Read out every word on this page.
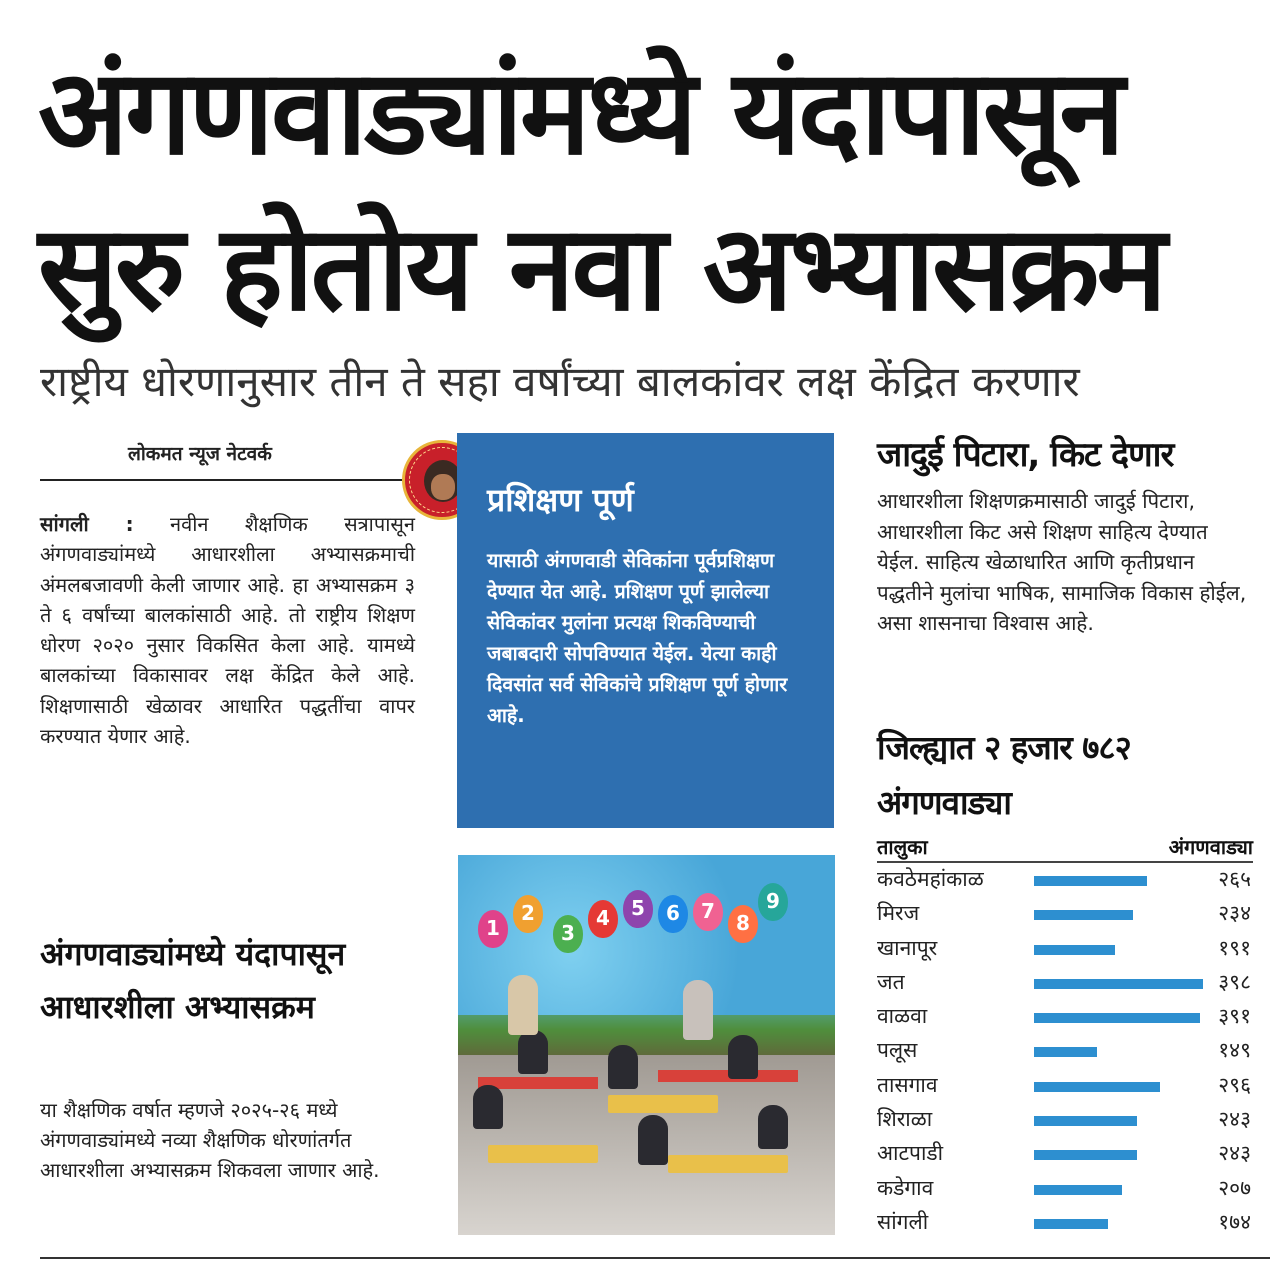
अंगणवाड्यांमध्ये यंदापासून
सुरु होतोय नवा अभ्यासक्रम
राष्ट्रीय धोरणानुसार तीन ते सहा वर्षांच्या बालकांवर लक्ष केंद्रित करणार
लोकमत न्यूज नेटवर्क
सांगली : नवीन शैक्षणिक सत्रापासून अंगणवाड्यांमध्ये आधारशीला अभ्यासक्रमाची अंमलबजावणी केली जाणार आहे. हा अभ्यासक्रम ३ ते ६ वर्षांच्या बालकांसाठी आहे. तो राष्ट्रीय शिक्षण धोरण २०२० नुसार विकसित केला आहे. यामध्ये बालकांच्या विकासावर लक्ष केंद्रित केले आहे. शिक्षणासाठी खेळावर आधारित पद्धतींचा वापर करण्यात येणार आहे.
अंगणवाड्यांमध्ये यंदापासून आधारशीला अभ्यासक्रम
या शैक्षणिक वर्षात म्हणजे २०२५-२६ मध्ये अंगणवाड्यांमध्ये नव्या शैक्षणिक धोरणांतर्गत आधारशीला अभ्यासक्रम शिकवला जाणार आहे.
प्रशिक्षण पूर्ण
यासाठी अंगणवाडी सेविकांना पूर्वप्रशिक्षण देण्यात येत आहे. प्रशिक्षण पूर्ण झालेल्या सेविकांवर मुलांना प्रत्यक्ष शिकविण्याची जबाबदारी सोपविण्यात येईल. येत्या काही दिवसांत सर्व सेविकांचे प्रशिक्षण पूर्ण होणार आहे.
1
2
3
4	5	6	7	8
9
जादुई पिटारा, किट देणार
आधारशीला शिक्षणक्रमासाठी जादुई पिटारा, आधारशीला किट असे शिक्षण साहित्य देण्यात येईल. साहित्य खेळाधारित आणि कृतीप्रधान पद्धतीने मुलांचा भाषिक, सामाजिक विकास होईल, असा शासनाचा विश्वास आहे.
जिल्ह्यात २ हजार ७८२ अंगणवाड्या
तालुका	अंगणवाड्या
कवठेमहांकाळ	२६५
मिरज	२३४
खानापूर	१९१
जत	३९८
वाळवा	३९१
पलूस	१४९
तासगाव	२९६
शिराळा	२४३
आटपाडी	२४३
कडेगाव	२०७
सांगली	१७४
